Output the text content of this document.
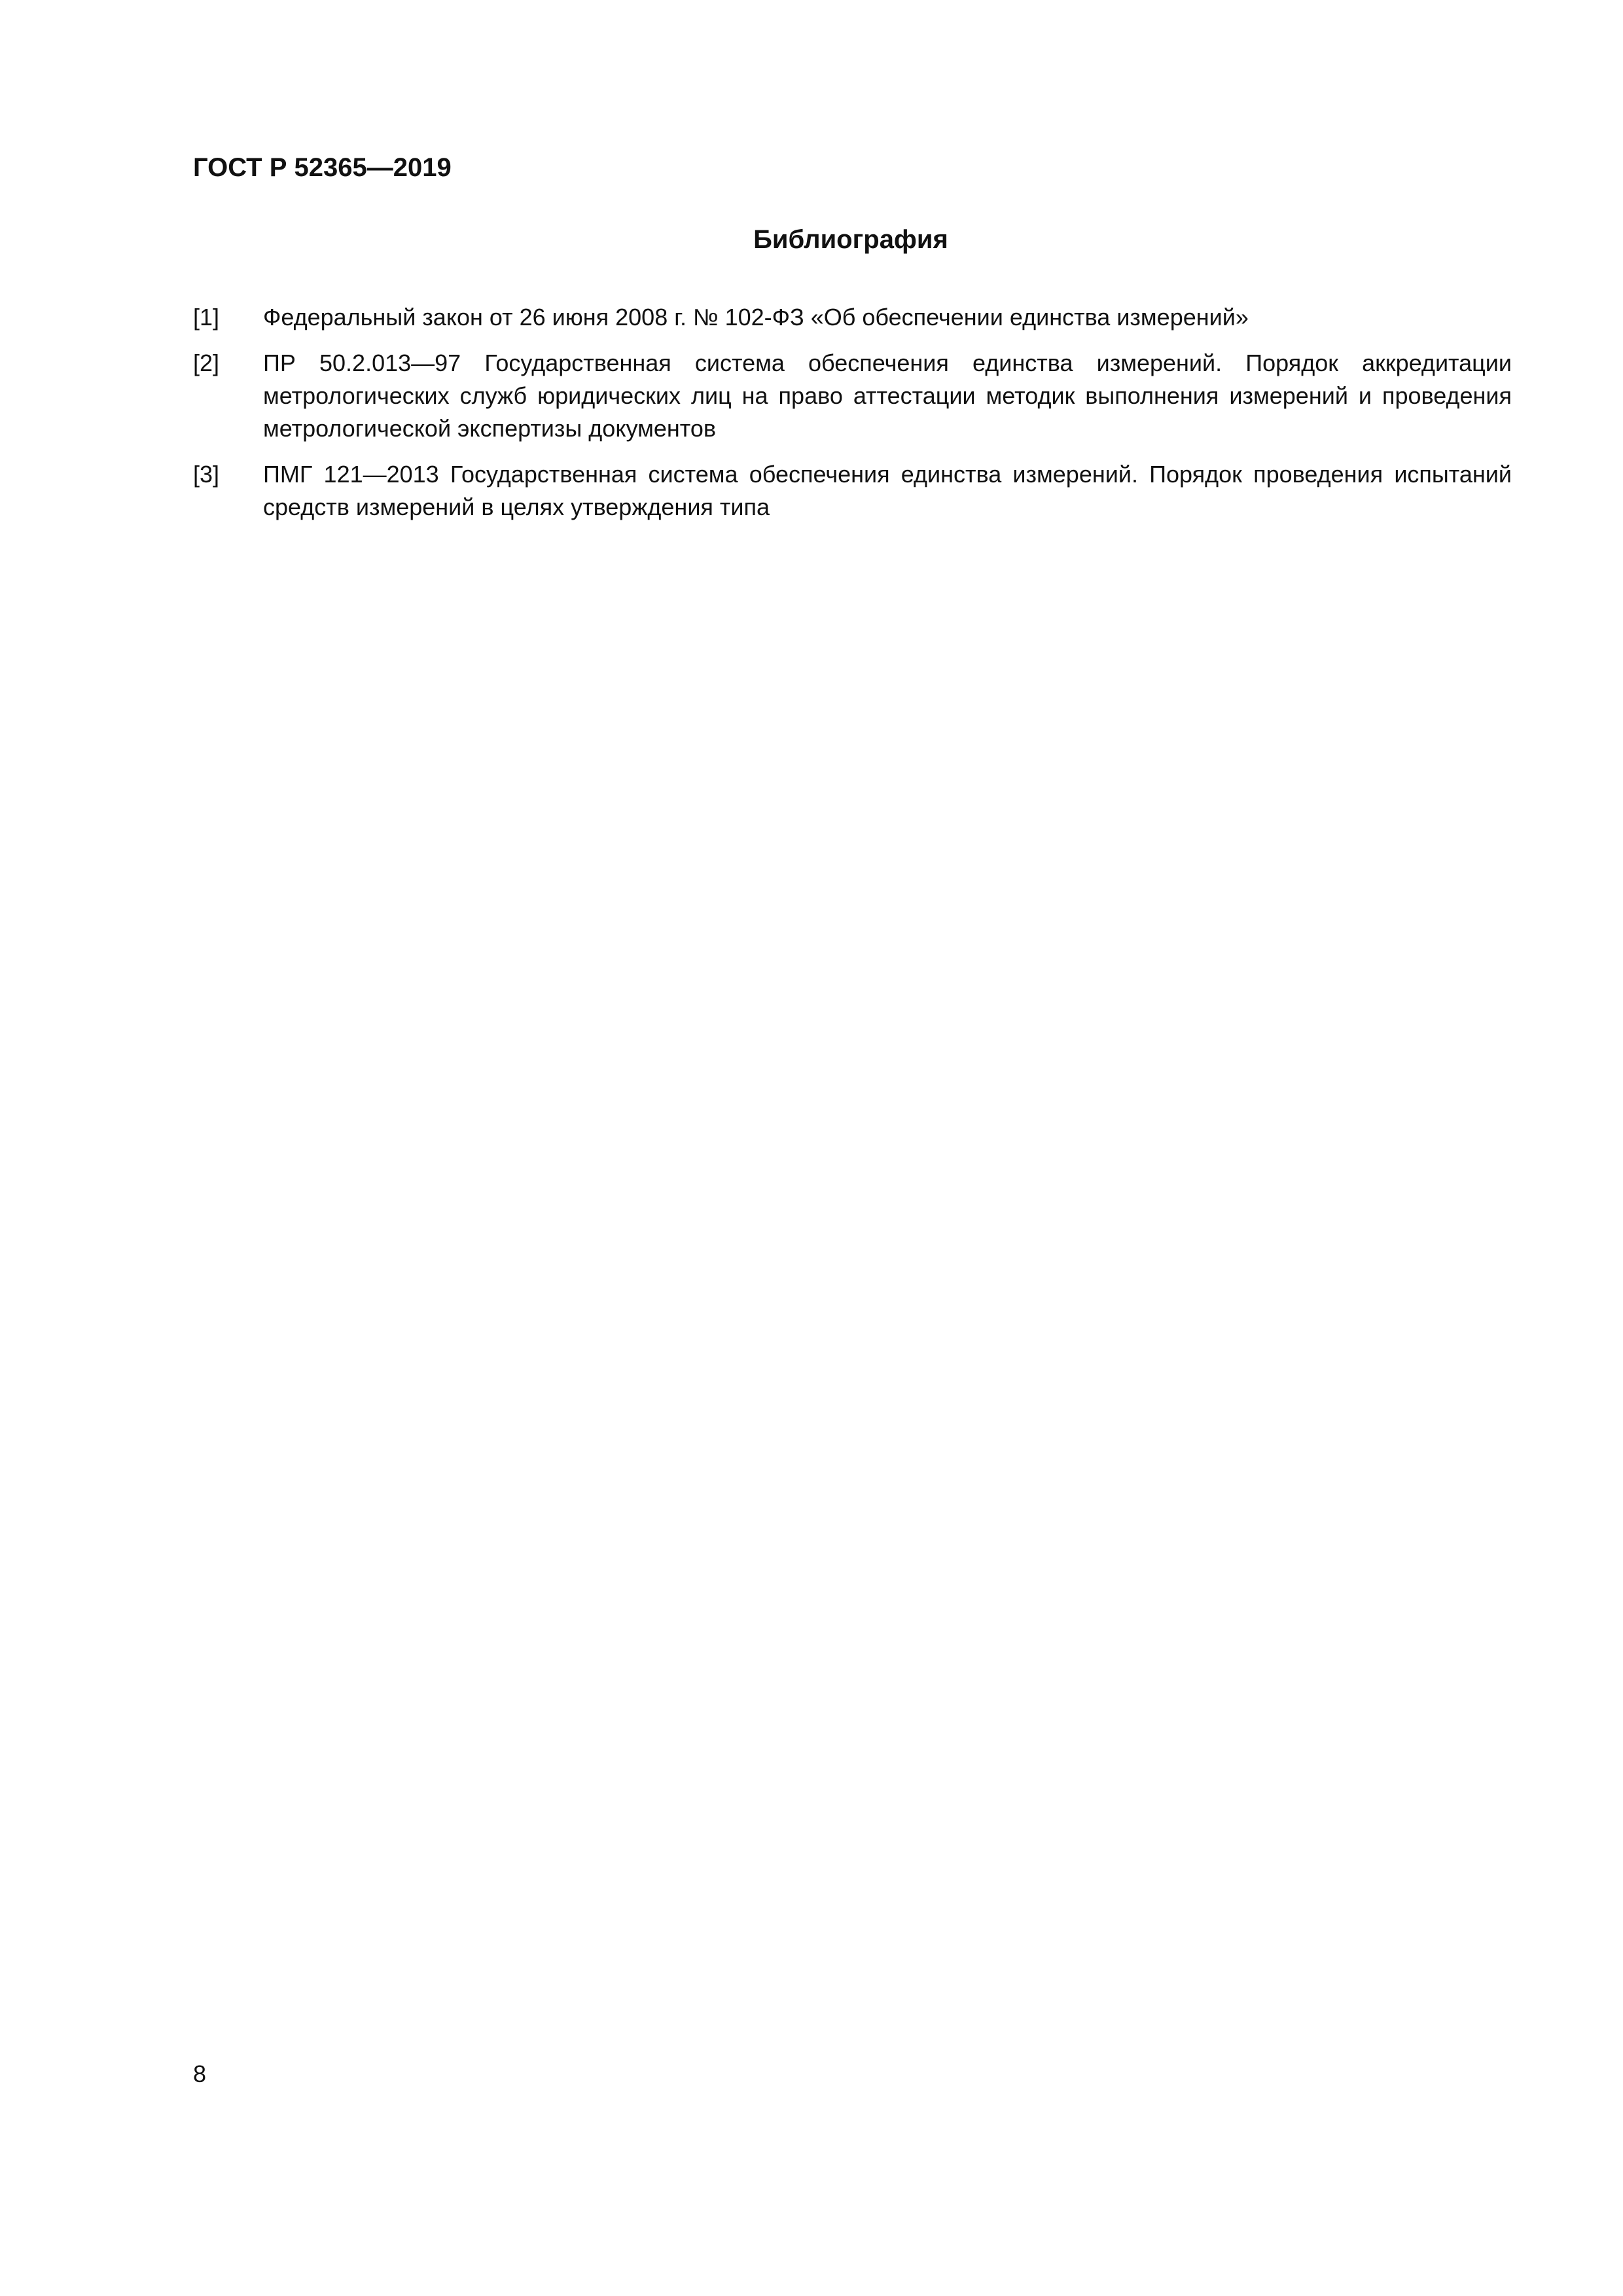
ГОСТ Р 52365—2019

Библиография
[1] Федеральный закон от 26 июня 2008 г. № 102-ФЗ «Об обеспечении единства измерений»
[2] ПР 50.2.013—97 Государственная система обеспечения единства измерений. Порядок аккредитации метрологических служб юридических лиц на право аттестации методик выполнения измерений и проведения метрологической экспертизы документов
[3] ПМГ 121—2013 Государственная система обеспечения единства измерений. Порядок проведения испытаний средств измерений в целях утверждения типа

8
